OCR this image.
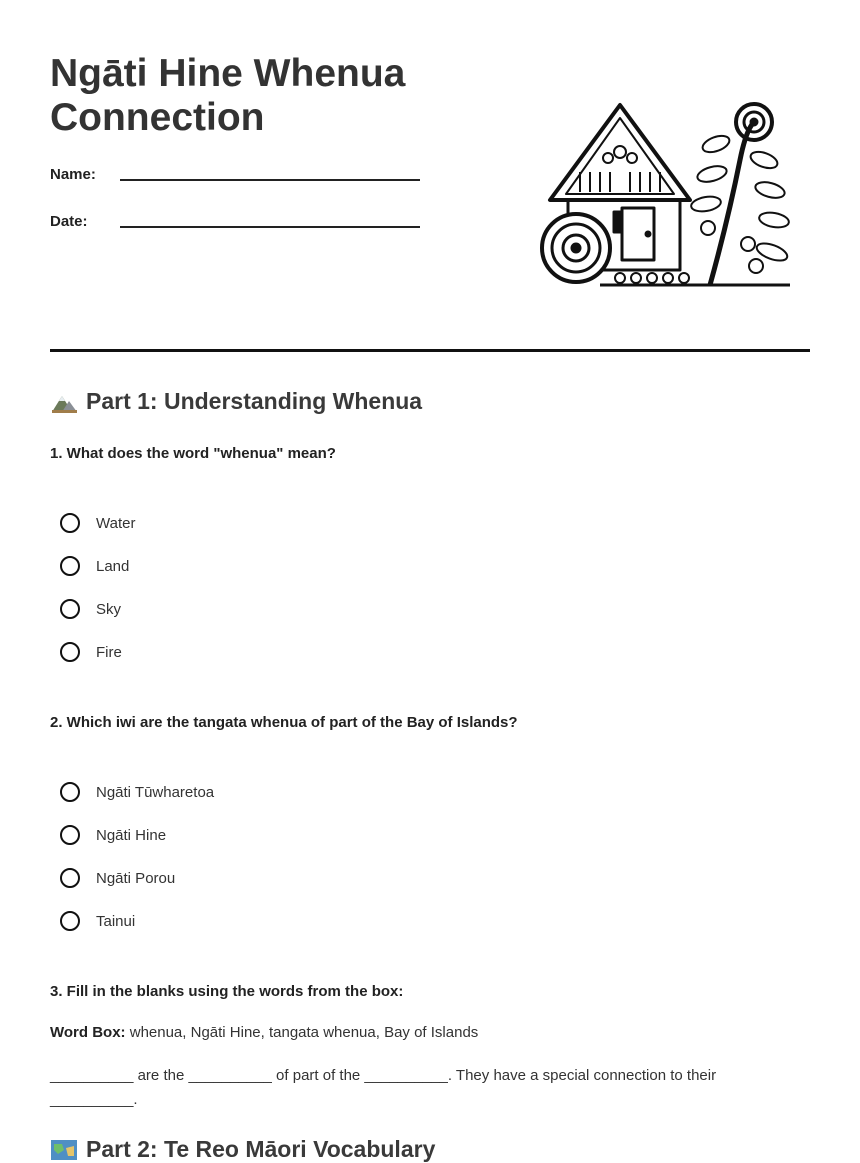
Ngāti Hine Whenua Connection
Name:
Date:
Part 1: Understanding Whenua
1. What does the word "whenua" mean?
Water
Land
Sky
Fire
2. Which iwi are the tangata whenua of part of the Bay of Islands?
Ngāti Tūwharetoa
Ngāti Hine
Ngāti Porou
Tainui
3. Fill in the blanks using the words from the box:
Word Box: whenua, Ngāti Hine, tangata whenua, Bay of Islands
__________ are the __________ of part of the __________. They have a special connection to their __________.
Part 2: Te Reo Māori Vocabulary
